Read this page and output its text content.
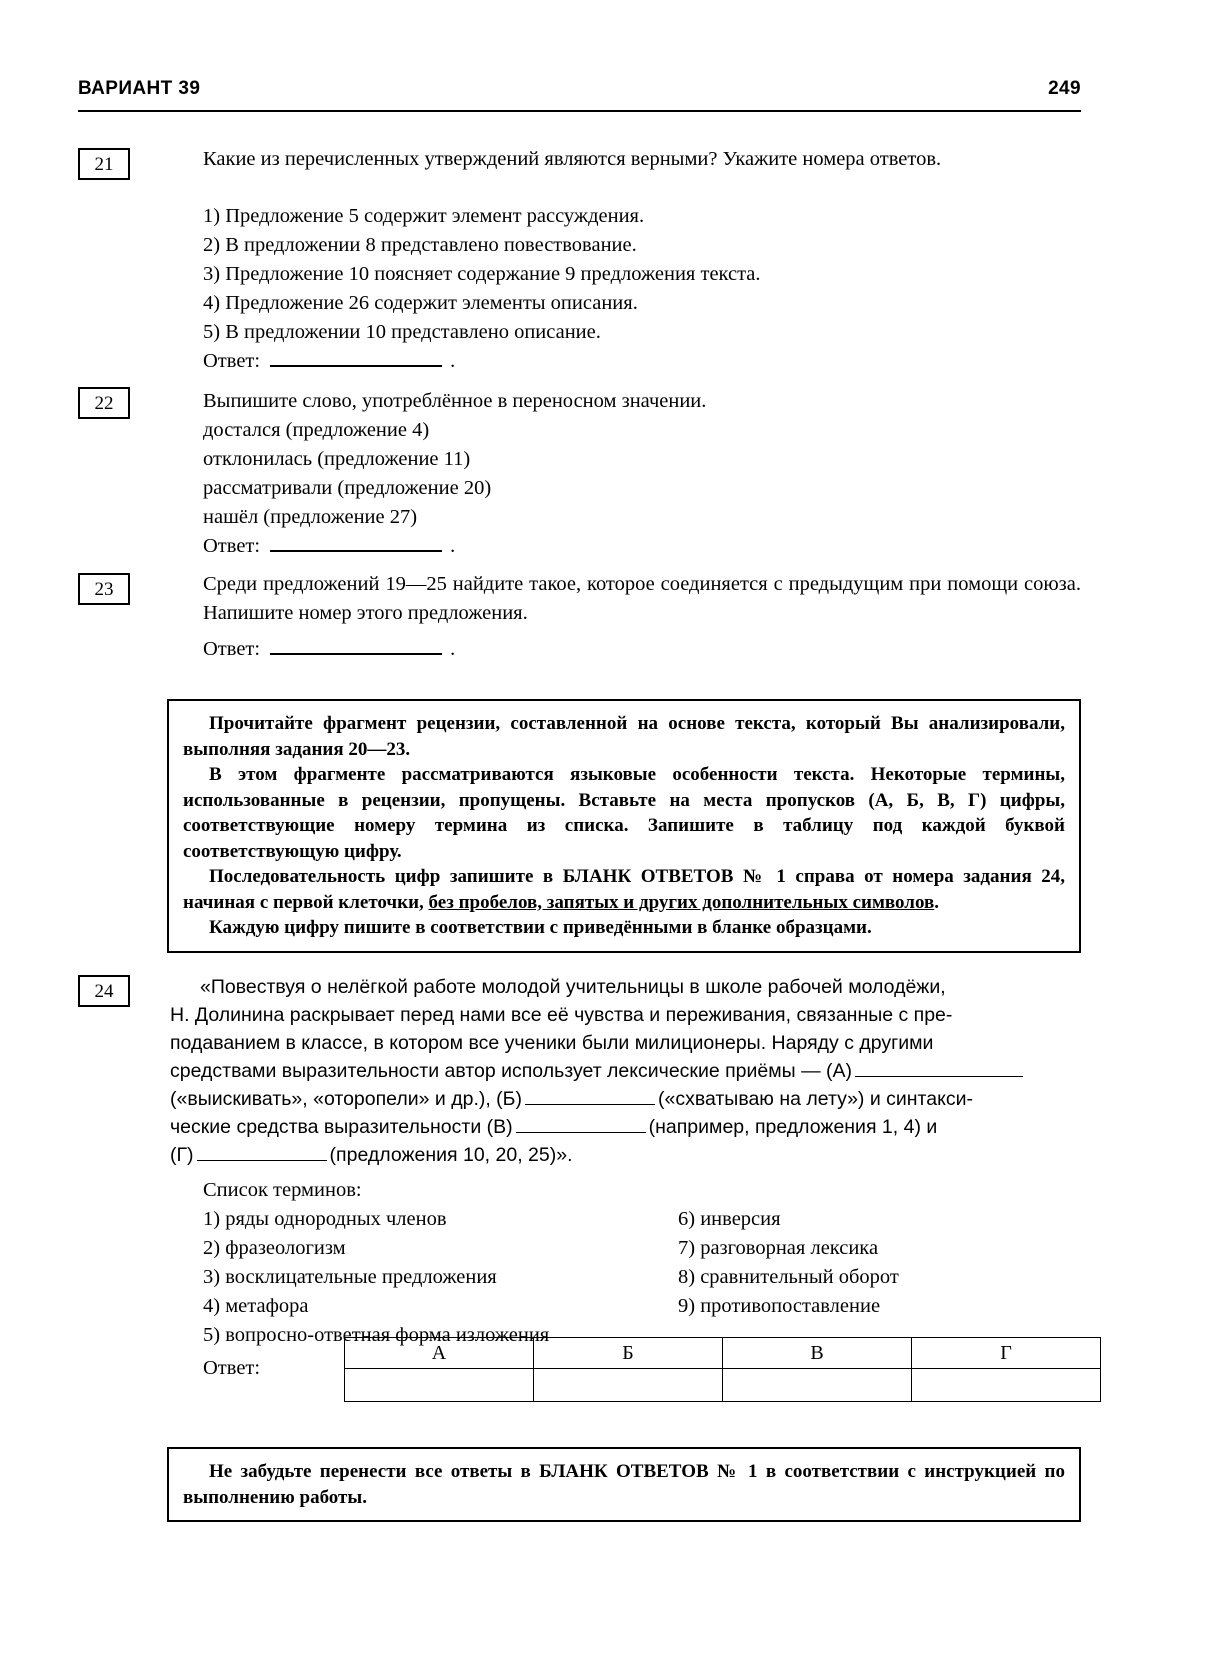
ВАРИАНТ 39	249
21	Какие из перечисленных утверждений являются верными? Укажите номера ответов.
1) Предложение 5 содержит элемент рассуждения.
2) В предложении 8 представлено повествование.
3) Предложение 10 поясняет содержание 9 предложения текста.
4) Предложение 26 содержит элементы описания.
5) В предложении 10 представлено описание.
Ответ:	.
22	Выпишите слово, употреблённое в переносном значении.
достался (предложение 4)
отклонилась (предложение 11)
рассматривали (предложение 20)
нашёл (предложение 27)
Ответ:	.
23	Среди предложений 19—25 найдите такое, которое соединяется с предыдущим при помощи союза. Напишите номер этого предложения.
Ответ:	.

Прочитайте фрагмент рецензии, составленной на основе текста, который Вы анализировали, выполняя задания 20—23.

В этом фрагменте рассматриваются языковые особенности текста. Некоторые термины, использованные в рецензии, пропущены. Вставьте на места пропусков (А, Б, В, Г) цифры, соответствующие номеру термина из списка. Запишите в таблицу под каждой буквой соответствующую цифру.

Последовательность цифр запишите в БЛАНК ОТВЕТОВ № 1 справа от номера задания 24, начиная с первой клеточки, без пробелов, запятых и других дополнительных символов.

Каждую цифру пишите в соответствии с приведёнными в бланке образцами.

24	«Повествуя о нелёгкой работе молодой учительницы в школе рабочей молодёжи,
Н. Долинина раскрывает перед нами все её чувства и переживания, связанные с пре-
подаванием в классе, в котором все ученики были милиционеры. Наряду с другими
средствами выразительности автор использует лексические приёмы — (А)
(«выискивать», «оторопели» и др.), (Б)	(«схватываю на лету») и синтакси-
ческие средства выразительности (В)	(например, предложения 1, 4) и
(Г)	(предложения 10, 20, 25)».
Список терминов:
1) ряды однородных членов
2) фразеологизм
3) восклицательные предложения
4) метафора
5) вопросно-ответная форма изложения
6) инверсия
7) разговорная лексика
8) сравнительный оборот
9) противопоставление
Ответ:
А	Б	В	Г

Не забудьте перенести все ответы в БЛАНК ОТВЕТОВ № 1 в соответствии с инструкцией по выполнению работы.
